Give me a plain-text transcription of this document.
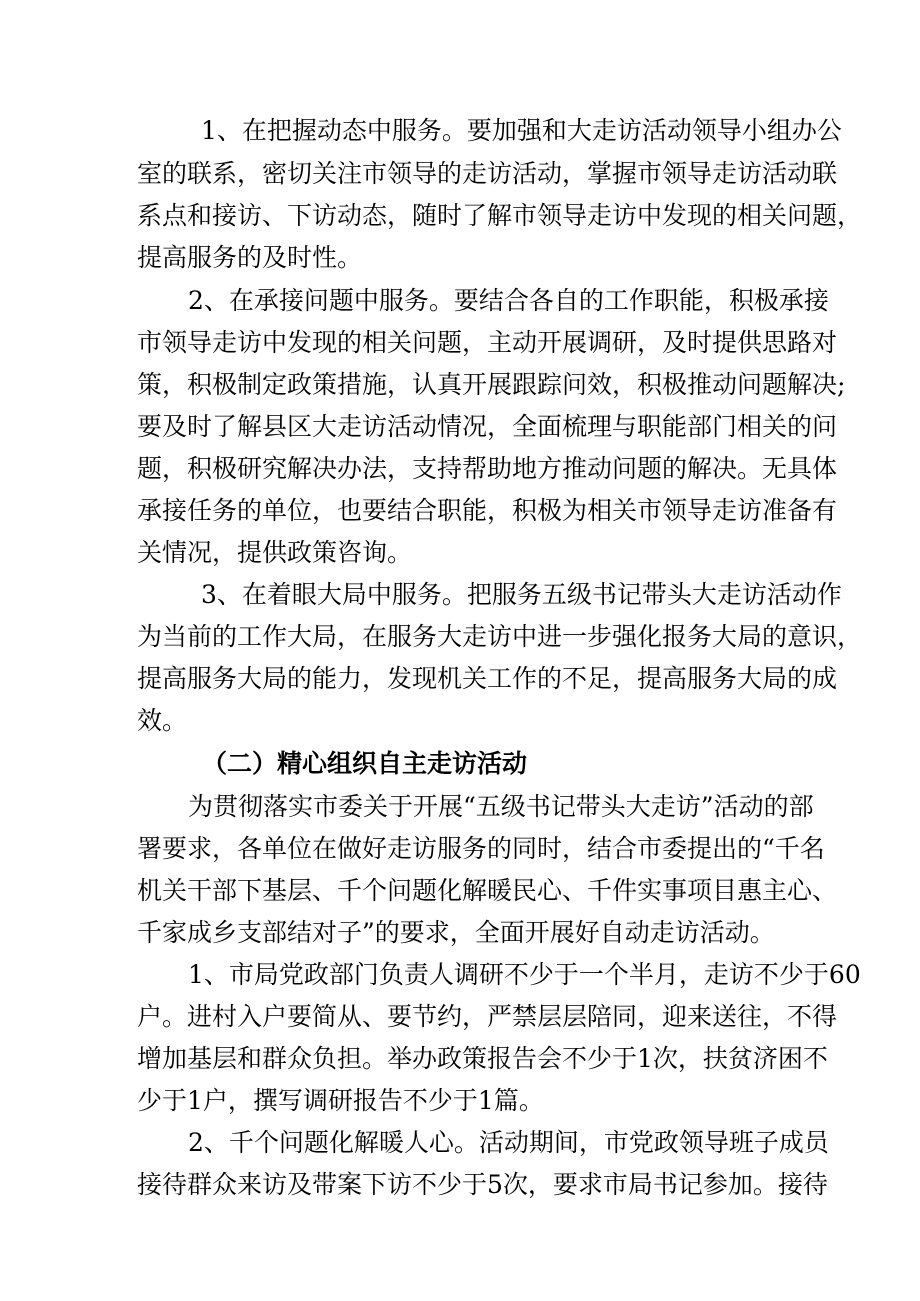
1、在把握动态中服务。要加强和大走访活动领导小组办公

室的联系，密切关注市领导的走访活动，掌握市领导走访活动联

系点和接访、下访动态，随时了解市领导走访中发现的相关问题，

提高服务的及时性。

2、在承接问题中服务。要结合各自的工作职能，积极承接

市领导走访中发现的相关问题，主动开展调研，及时提供思路对

策，积极制定政策措施，认真开展跟踪问效，积极推动问题解决;

要及时了解县区大走访活动情况，全面梳理与职能部门相关的问

题，积极研究解决办法，支持帮助地方推动问题的解决。无具体

承接任务的单位，也要结合职能，积极为相关市领导走访准备有

关情况，提供政策咨询。

3、在着眼大局中服务。把服务五级书记带头大走访活动作

为当前的工作大局，在服务大走访中进一步强化报务大局的意识，

提高服务大局的能力，发现机关工作的不足，提高服务大局的成

效。

（二）精心组织自主走访活动

为贯彻落实市委关于开展“五级书记带头大走访”活动的部

署要求，各单位在做好走访服务的同时，结合市委提出的“千名

机关干部下基层、千个问题化解暖民心、千件实事项目惠主心、

千家成乡支部结对子”的要求，全面开展好自动走访活动。

1、市局党政部门负责人调研不少于一个半月，走访不少于60

户。进村入户要简从、要节约，严禁层层陪同，迎来送往，不得

增加基层和群众负担。举办政策报告会不少于1次，扶贫济困不

少于1户，撰写调研报告不少于1篇。

2、千个问题化解暖人心。活动期间，市党政领导班子成员

接待群众来访及带案下访不少于5次，要求市局书记参加。接待
